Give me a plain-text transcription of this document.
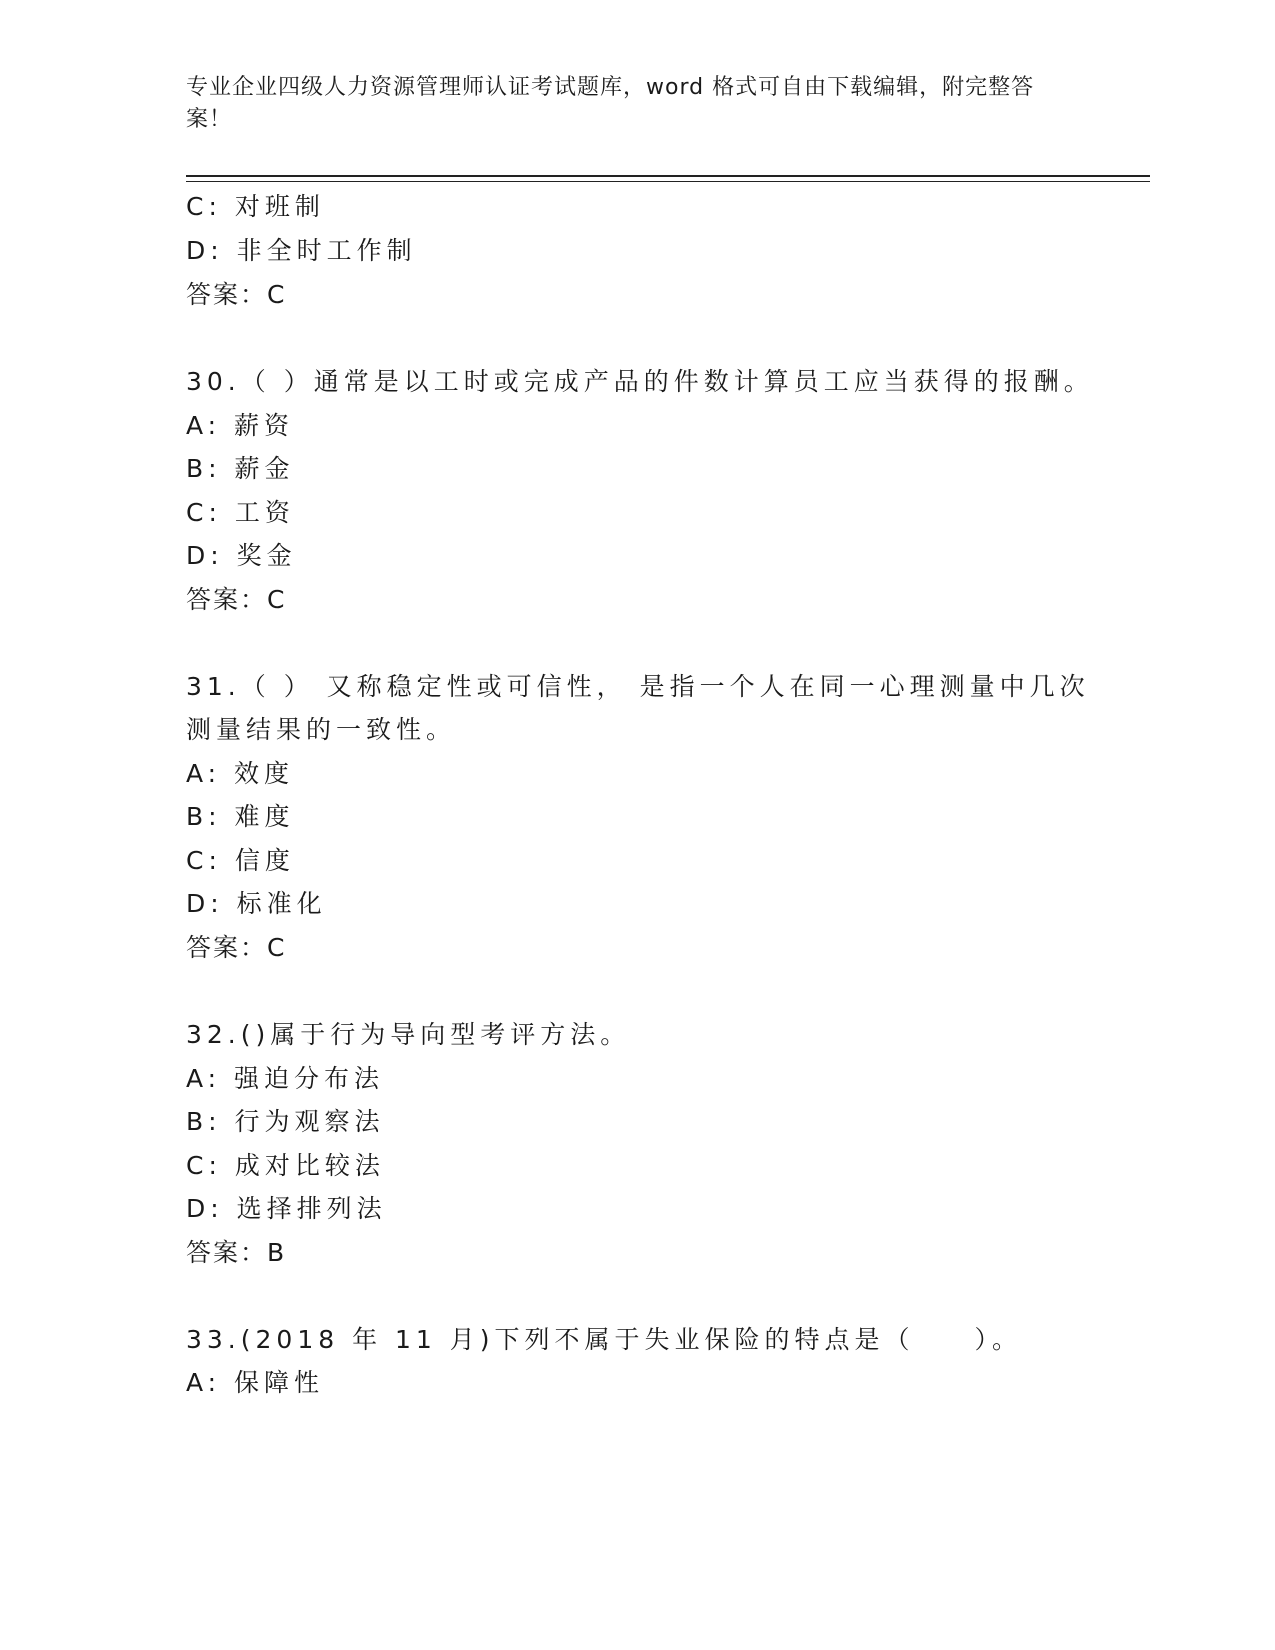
专业企业四级人力资源管理师认证考试题库，word 格式可自由下载编辑，附完整答案！
C: 对班制
D: 非全时工作制
答案：C
30.（ ）通常是以工时或完成产品的件数计算员工应当获得的报酬。
A: 薪资
B: 薪金
C: 工资
D: 奖金
答案：C
31.（ ） 又称稳定性或可信性， 是指一个人在同一心理测量中几次
测量结果的一致性。
A: 效度
B: 难度
C: 信度
D: 标准化
答案：C
32.()属于行为导向型考评方法。
A: 强迫分布法
B: 行为观察法
C: 成对比较法
D: 选择排列法
答案：B
33.(2018 年 11 月)下列不属于失业保险的特点是（　　）。
A: 保障性
